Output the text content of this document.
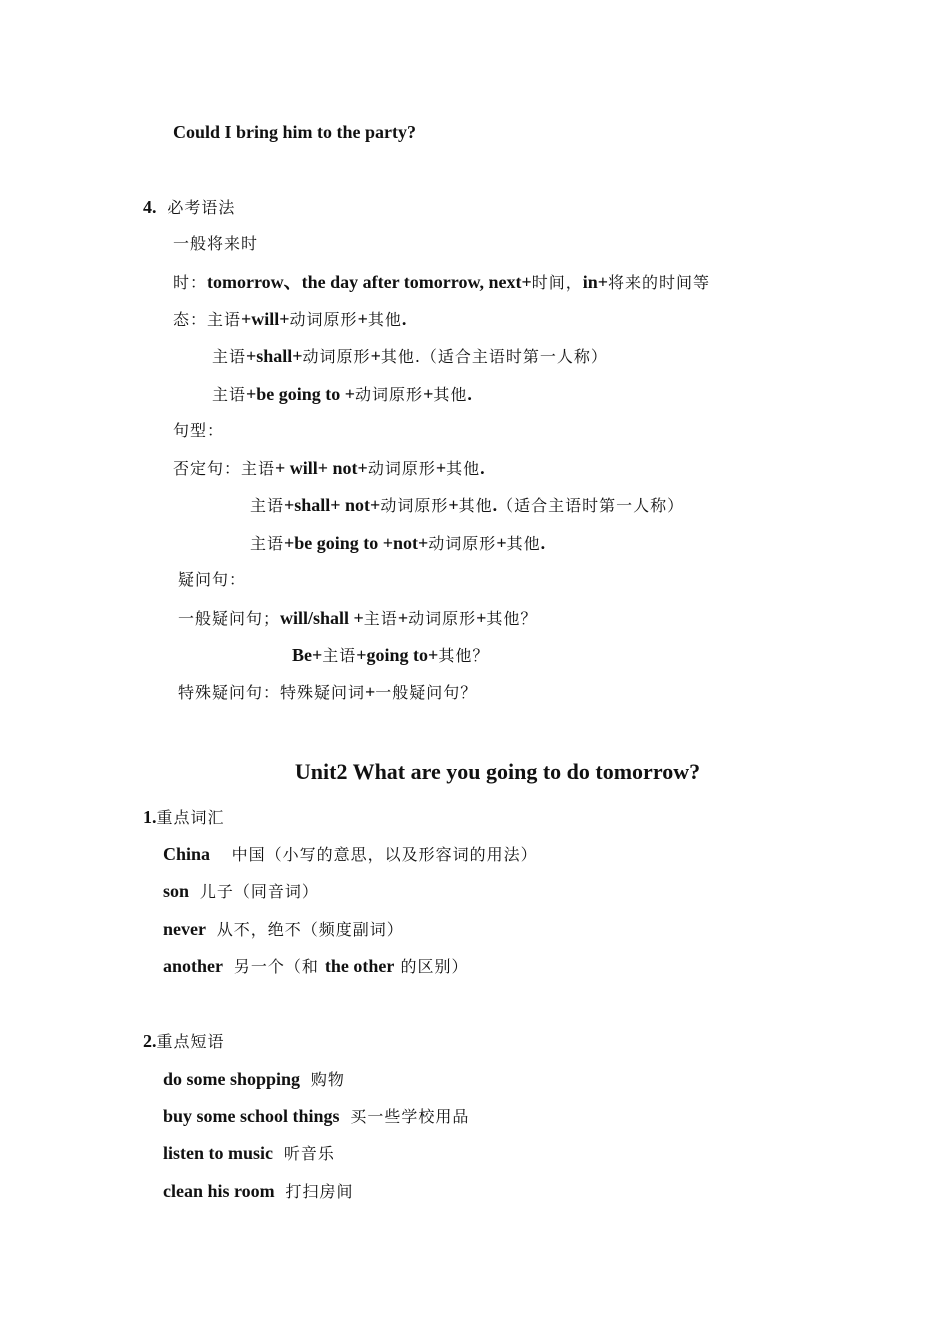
Could I bring him to the party?
4. 必考语法
一般将来时
时：tomorrow、the day after tomorrow, next+时间，in+将来的时间等
态：主语+will+动词原形+其他.
主语+shall+动词原形+其他.（适合主语时第一人称）
主语+be going to +动词原形+其他.
句型：
否定句：主语+ will+ not+动词原形+其他.
主语+shall+ not+动词原形+其他.（适合主语时第一人称）
主语+be going to +not+动词原形+其他.
疑问句：
一般疑问句；will/shall +主语+动词原形+其他？
Be+主语+going to+其他？
特殊疑问句：特殊疑问词+一般疑问句？
Unit2 What are you going to do tomorrow?
1.重点词汇
China 中国（小写的意思，以及形容词的用法）
son 儿子（同音词）
never 从不，绝不（频度副词）
another 另一个（和 the other 的区别）
2.重点短语
do some shopping 购物
buy some school things 买一些学校用品
listen to music 听音乐
clean his room 打扫房间
